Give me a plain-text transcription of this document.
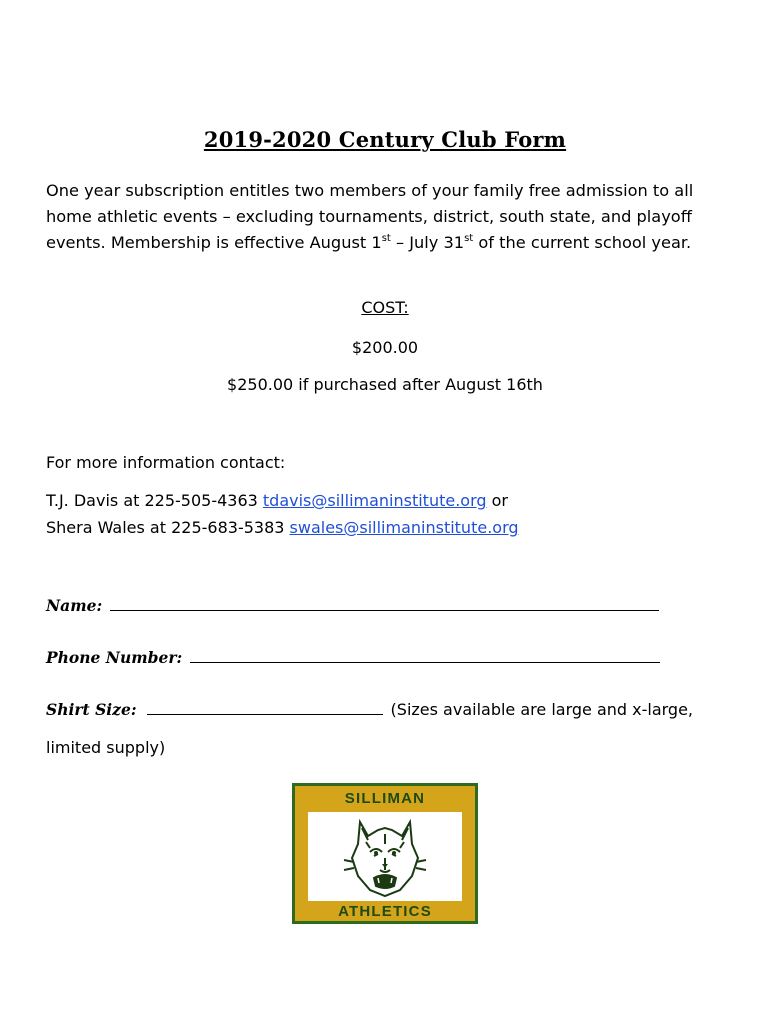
2019-2020 Century Club Form
One year subscription entitles two members of your family free admission to all home athletic events – excluding tournaments, district, south state, and playoff events. Membership is effective August 1st – July 31st of the current school year.
COST:
$200.00
$250.00 if purchased after August 16th
For more information contact:
T.J. Davis at 225-505-4363 tdavis@sillimaninstitute.org or
Shera Wales at 225-683-5383 swales@sillimaninstitute.org
Name:
Phone Number:
Shirt Size:	(Sizes available are large and x-large,
limited supply)
SILLIMAN
ATHLETICS
